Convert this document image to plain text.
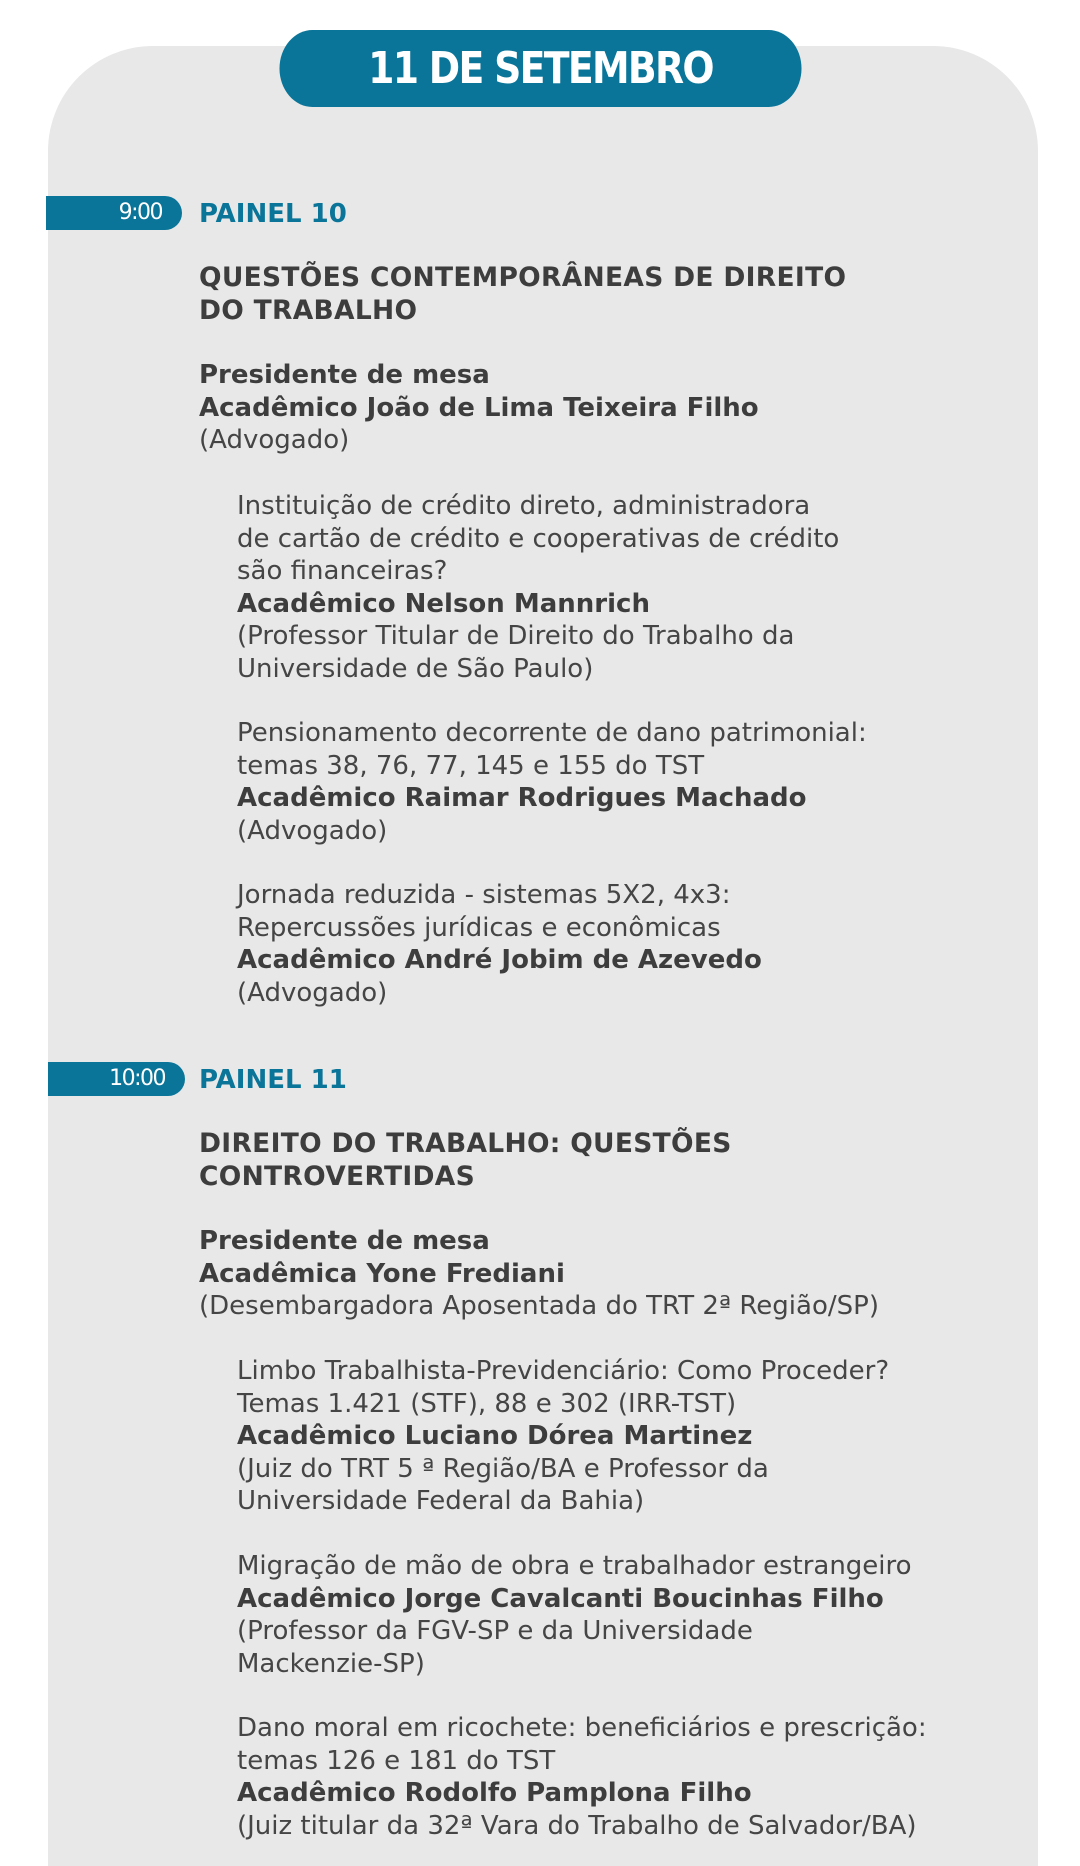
11 DE SETEMBRO
9:00	PAINEL 10
QUESTÕES CONTEMPORÂNEAS DE DIREITO
DO TRABALHO
Presidente de mesa
Acadêmico João de Lima Teixeira Filho
(Advogado)
Instituição de crédito direto, administradora
de cartão de crédito e cooperativas de crédito
são financeiras?
Acadêmico Nelson Mannrich
(Professor Titular de Direito do Trabalho da
Universidade de São Paulo)
Pensionamento decorrente de dano patrimonial:
temas 38, 76, 77, 145 e 155 do TST
Acadêmico Raimar Rodrigues Machado
(Advogado)
Jornada reduzida - sistemas 5X2, 4x3:
Repercussões jurídicas e econômicas
Acadêmico André Jobim de Azevedo
(Advogado)
10:00	PAINEL 11
DIREITO DO TRABALHO: QUESTÕES
CONTROVERTIDAS
Presidente de mesa
Acadêmica Yone Frediani
(Desembargadora Aposentada do TRT 2ª Região/SP)
Limbo Trabalhista-Previdenciário: Como Proceder?
Temas 1.421 (STF), 88 e 302 (IRR-TST)
Acadêmico Luciano Dórea Martinez
(Juiz do TRT 5 ª Região/BA e Professor da
Universidade Federal da Bahia)
Migração de mão de obra e trabalhador estrangeiro
Acadêmico Jorge Cavalcanti Boucinhas Filho
(Professor da FGV-SP e da Universidade
Mackenzie-SP)
Dano moral em ricochete: beneficiários e prescrição:
temas 126 e 181 do TST
Acadêmico Rodolfo Pamplona Filho
(Juiz titular da 32ª Vara do Trabalho de Salvador/BA)
